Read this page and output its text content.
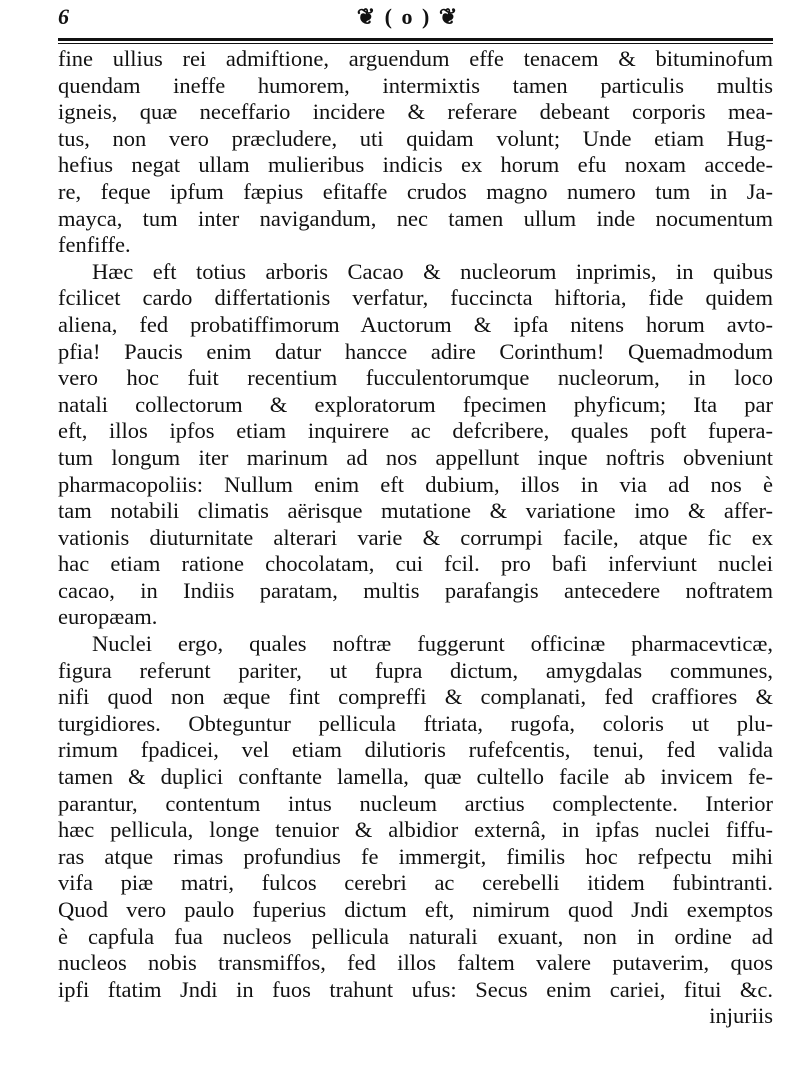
6	❦ ( o ) ❦
fine ullius rei admiftione, arguendum effe tenacem & bituminofum
quendam ineffe humorem, intermixtis tamen particulis multis
igneis, quæ neceffario incidere & referare debeant corporis mea-
tus, non vero præcludere, uti quidam volunt; Unde etiam Hug-
hefius negat ullam mulieribus indicis ex horum efu noxam accede-
re, feque ipfum fæpius efitaffe crudos magno numero tum in Ja-
mayca, tum inter navigandum, nec tamen ullum inde nocumentum
fenfiffe.
Hæc eft totius arboris Cacao & nucleorum inprimis, in quibus
fcilicet cardo differtationis verfatur, fuccincta hiftoria, fide quidem
aliena, fed probatiffimorum Auctorum & ipfa nitens horum avto-
pfia! Paucis enim datur hancce adire Corinthum! Quemadmodum
vero hoc fuit recentium fucculentorumque nucleorum, in loco
natali collectorum & exploratorum fpecimen phyficum; Ita par
eft, illos ipfos etiam inquirere ac defcribere, quales poft fupera-
tum longum iter marinum ad nos appellunt inque noftris obveniunt
pharmacopoliis: Nullum enim eft dubium, illos in via ad nos è
tam notabili climatis aërisque mutatione & variatione imo & affer-
vationis diuturnitate alterari varie & corrumpi facile, atque fic ex
hac etiam ratione chocolatam, cui fcil. pro bafi inferviunt nuclei
cacao, in Indiis paratam, multis parafangis antecedere noftratem
europæam.
Nuclei ergo, quales noftræ fuggerunt officinæ pharmacevticæ,
figura referunt pariter, ut fupra dictum, amygdalas communes,
nifi quod non æque fint compreffi & complanati, fed craffiores &
turgidiores. Obteguntur pellicula ftriata, rugofa, coloris ut plu-
rimum fpadicei, vel etiam dilutioris rufefcentis, tenui, fed valida
tamen & duplici conftante lamella, quæ cultello facile ab invicem fe-
parantur, contentum intus nucleum arctius complectente. Interior
hæc pellicula, longe tenuior & albidior externâ, in ipfas nuclei fiffu-
ras atque rimas profundius fe immergit, fimilis hoc refpectu mihi
vifa piæ matri, fulcos cerebri ac cerebelli itidem fubintranti.
Quod vero paulo fuperius dictum eft, nimirum quod Jndi exemptos
è capfula fua nucleos pellicula naturali exuant, non in ordine ad
nucleos nobis transmiffos, fed illos faltem valere putaverim, quos
ipfi ftatim Jndi in fuos trahunt ufus: Secus enim cariei, fitui &c.
injuriis
